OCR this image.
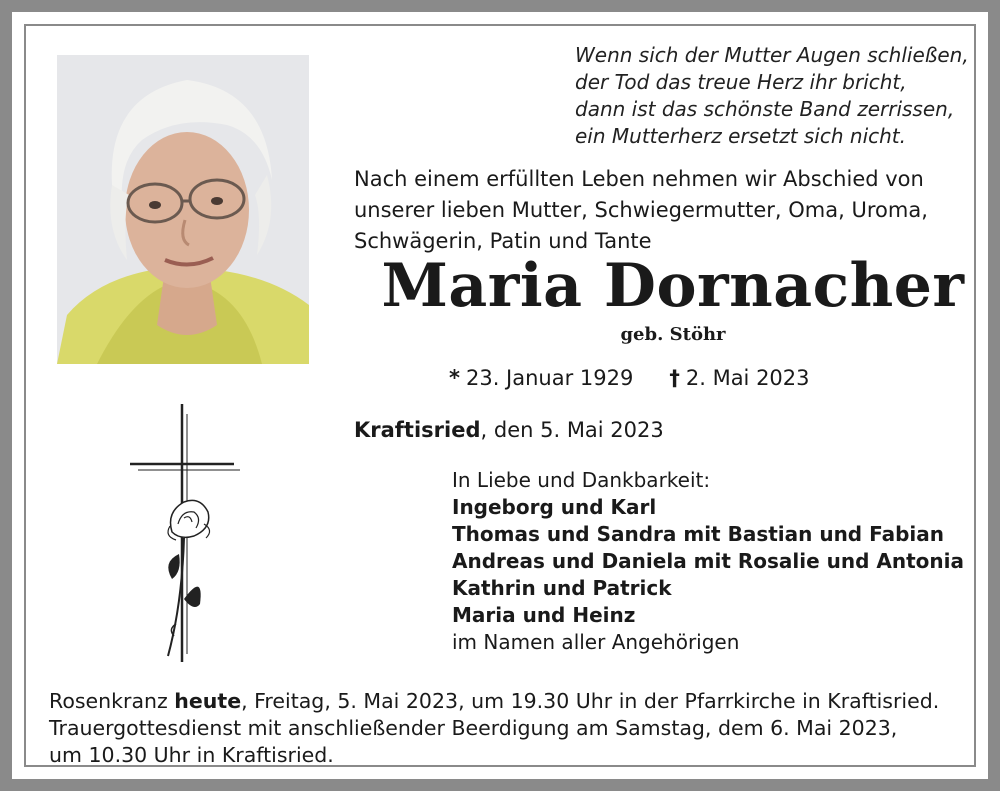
Wenn sich der Mutter Augen schließen,
der Tod das treue Herz ihr bricht,
dann ist das schönste Band zerrissen,
ein Mutterherz ersetzt sich nicht.
Nach einem erfüllten Leben nehmen wir Abschied von
unserer lieben Mutter, Schwiegermutter, Oma, Uroma,
Schwägerin, Patin und Tante
Maria Dornacher
geb. Stöhr
* 23. Januar 1929 † 2. Mai 2023
Kraftisried, den 5. Mai 2023
In Liebe und Dankbarkeit:
Ingeborg und Karl
Thomas und Sandra mit Bastian und Fabian
Andreas und Daniela mit Rosalie und Antonia
Kathrin und Patrick
Maria und Heinz
im Namen aller Angehörigen
Rosenkranz heute, Freitag, 5. Mai 2023, um 19.30 Uhr in der Pfarrkirche in Kraftisried.
Trauergottesdienst mit anschließender Beerdigung am Samstag, dem 6. Mai 2023,
um 10.30 Uhr in Kraftisried.
